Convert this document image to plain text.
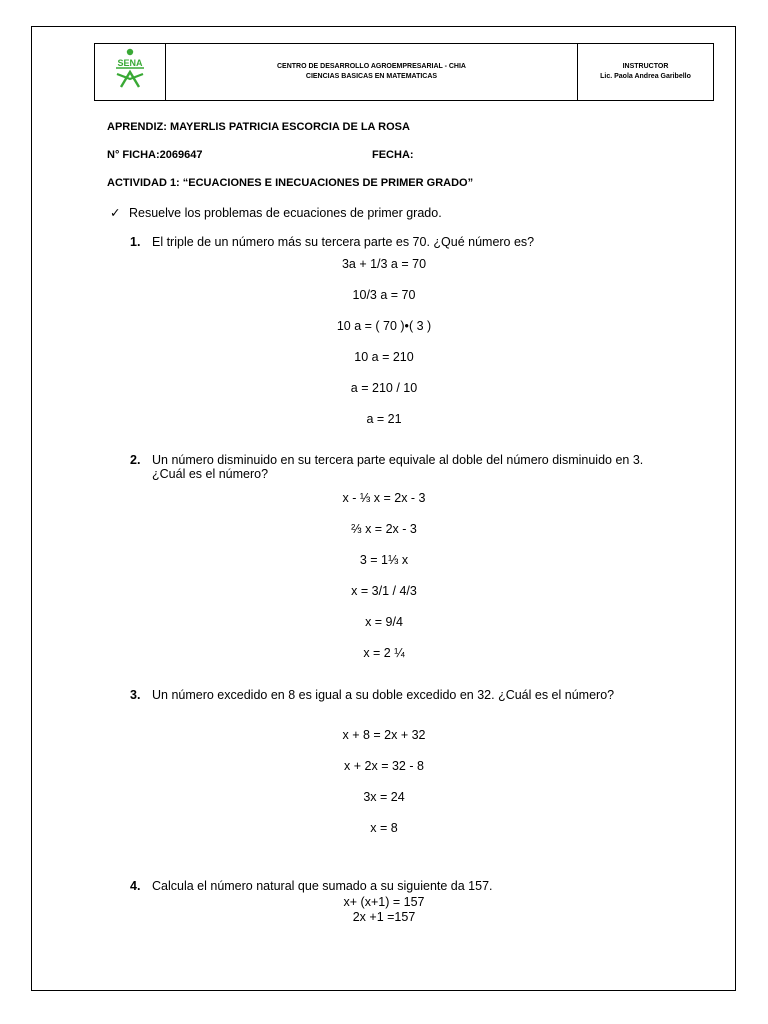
SENA	CENTRO DE DESARROLLO AGROEMPRESARIAL - CHIA
CIENCIAS BASICAS EN MATEMATICAS
INSTRUCTOR
Lic. Paola Andrea Garibello
APRENDIZ: MAYERLIS PATRICIA ESCORCIA DE LA ROSA
N° FICHA:2069647	FECHA:
ACTIVIDAD 1: “ECUACIONES E INECUACIONES DE PRIMER GRADO”
✓ Resuelve los problemas de ecuaciones de primer grado.
1. El triple de un número más su tercera parte es 70. ¿Qué número es?
3a + 1/3 a = 70
10/3 a = 70
10 a = ( 70 )•( 3 )
10 a = 210
a = 210 / 10
a = 21
2. Un número disminuido en su tercera parte equivale al doble del número disminuido en 3. ¿Cuál es el número?
x - ⅓ x = 2x - 3
⅔ x = 2x - 3
3 = 1⅓ x
x = 3/1 / 4/3
x = 9/4
x = 2 ¼
3. Un número excedido en 8 es igual a su doble excedido en 32. ¿Cuál es el número?
x + 8 = 2x + 32
x + 2x = 32 - 8
3x = 24
x = 8
4. Calcula el número natural que sumado a su siguiente da 157.
x+ (x+1) = 157
2x +1 =157
